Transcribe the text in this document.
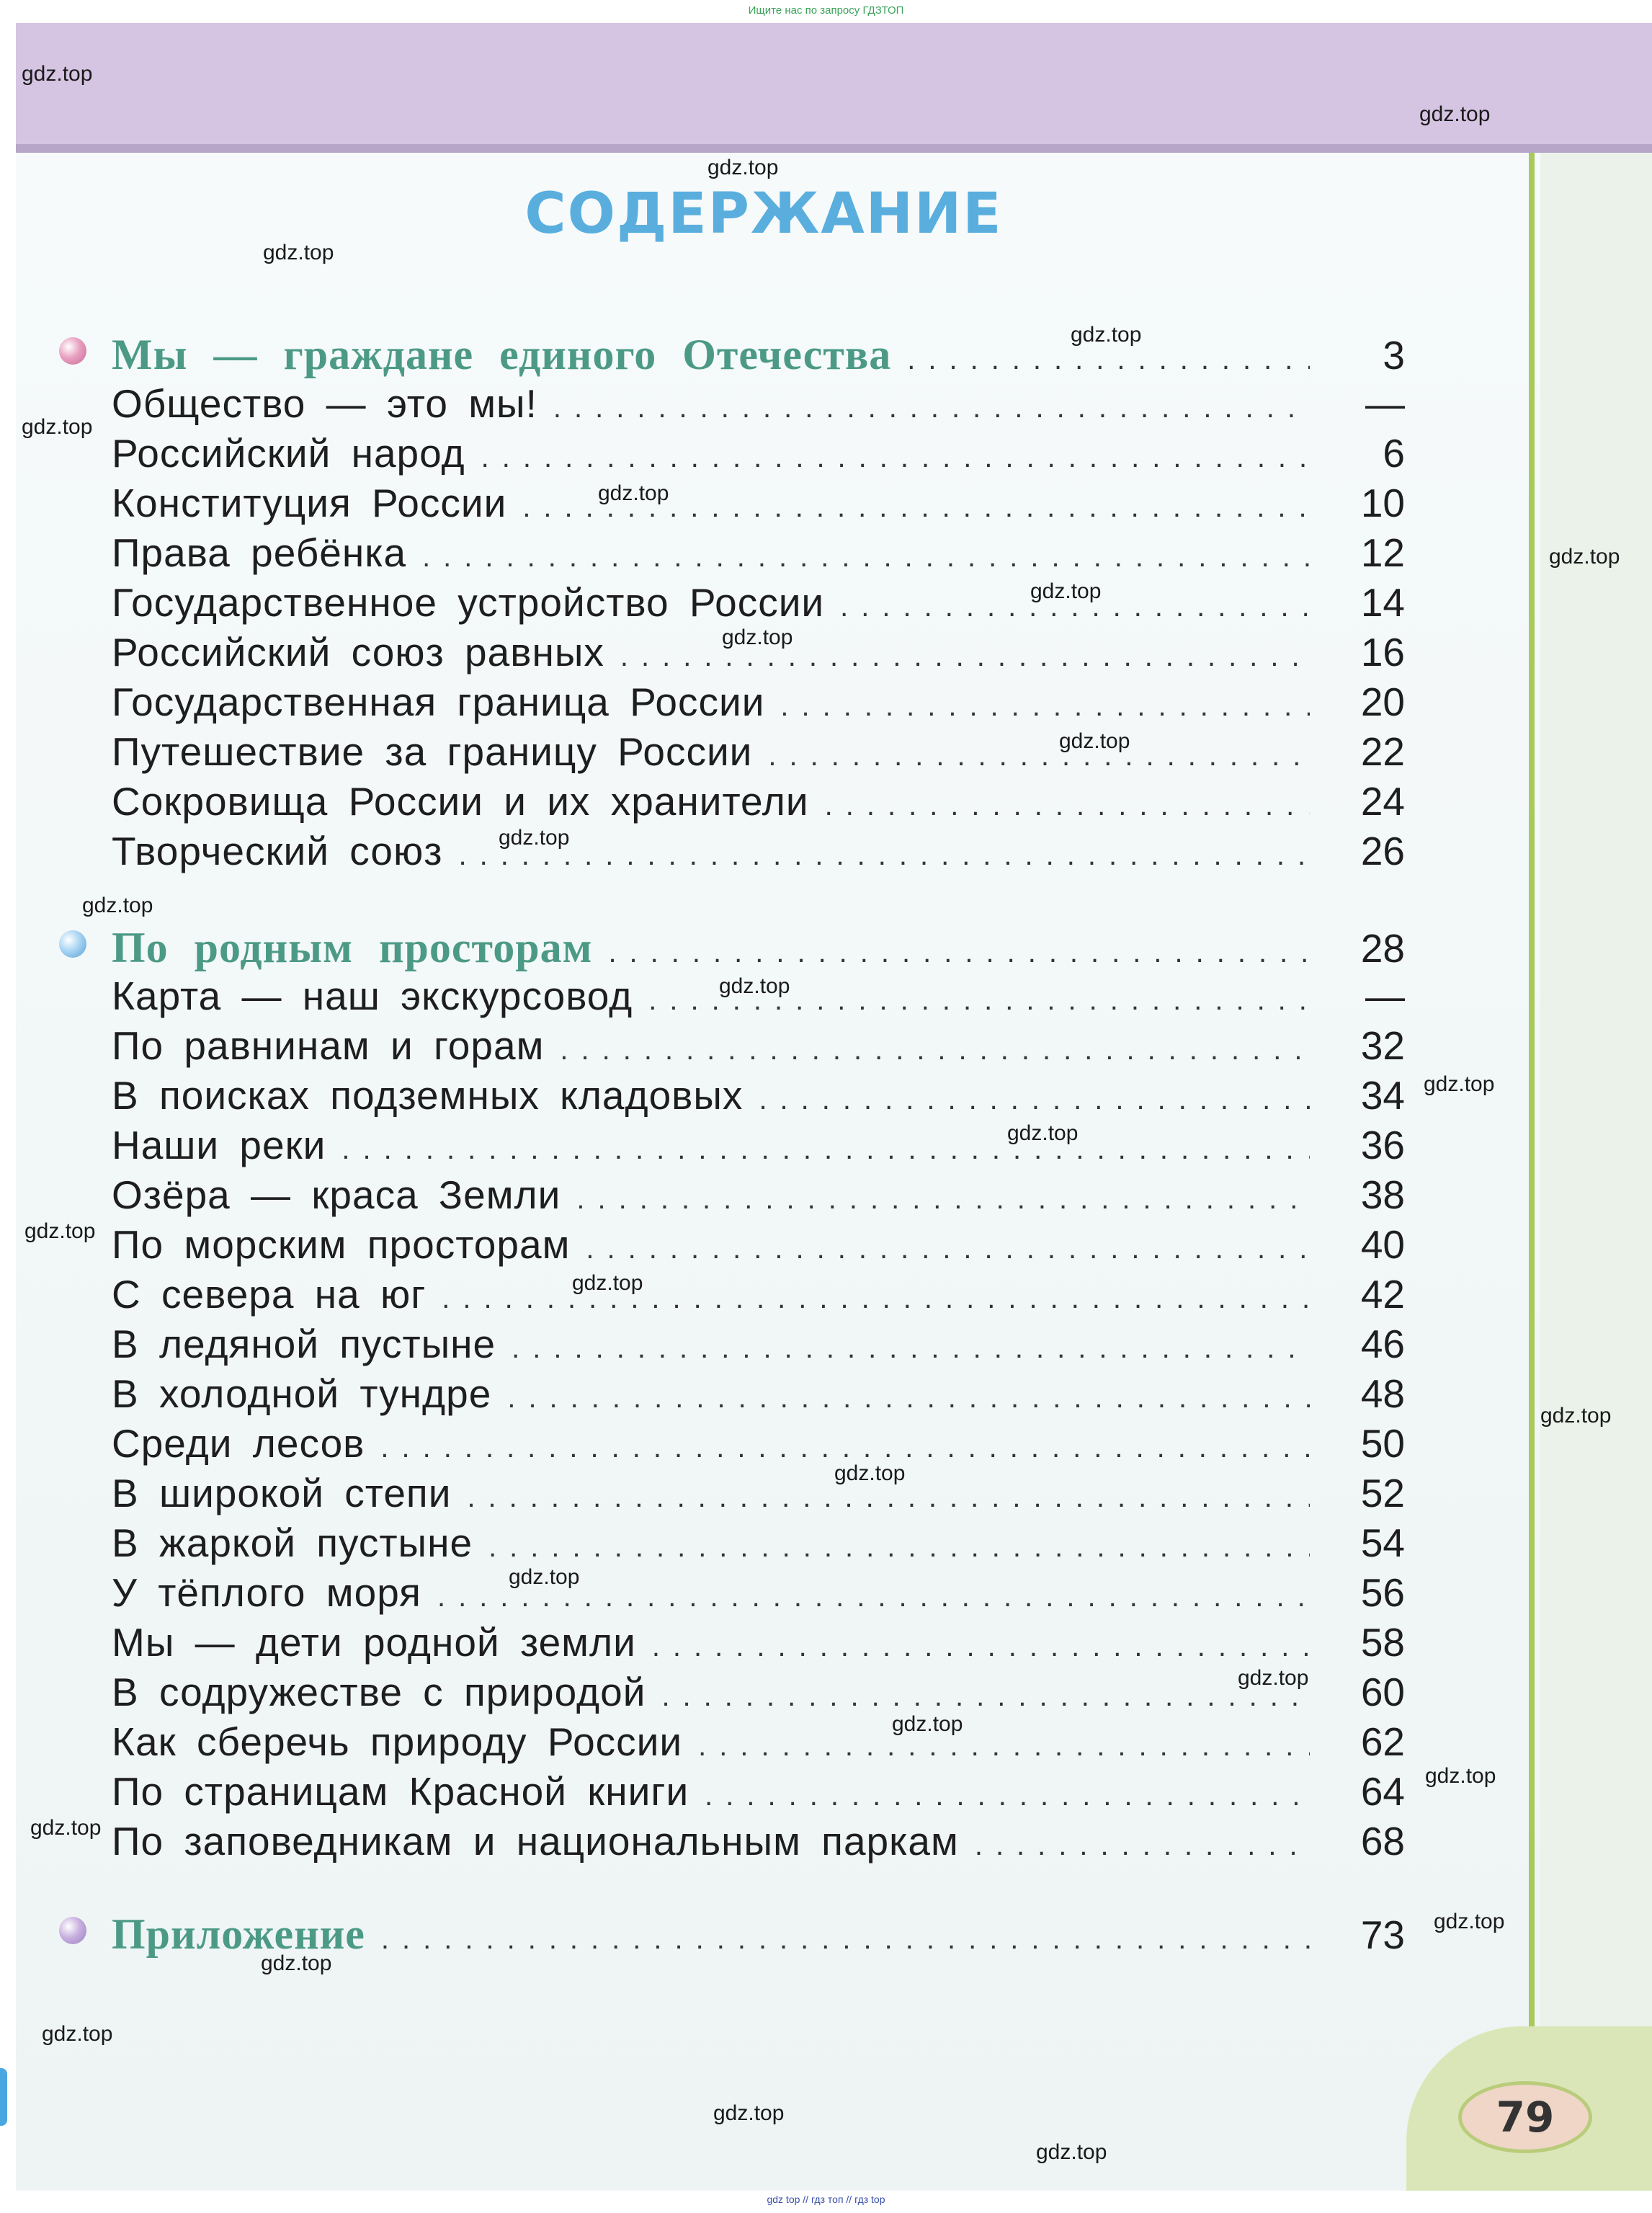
Ищите нас по запросу ГДЗТОП
79
СОДЕРЖАНИЕ
Мы — граждане единого Отечества .....	3
Общество — это мы! .....	—
Российский народ .....	6
Конституция России .....	10
Права ребёнка .....	12
Государственное устройство России .....	14
Российский союз равных .....	16
Государственная граница России .....	20
Путешествие за границу России .....	22
Сокровища России и их хранители .....	24
Творческий союз .....	26
По родным просторам .....	28
Карта — наш экскурсовод .....	—
По равнинам и горам .....	32
В поисках подземных кладовых .....	34
Наши реки .....	36
Озёра — краса Земли .....	38
По морским просторам .....	40
С севера на юг .....	42
В ледяной пустыне .....	46
В холодной тундре .....	48
Среди лесов .....	50
В широкой степи .....	52
В жаркой пустыне .....	54
У тёплого моря .....	56
Мы — дети родной земли .....	58
В содружестве с природой .....	60
Как сберечь природу России .....	62
По страницам Красной книги .....	64
По заповедникам и национальным паркам .....	68
Приложение .....	73
gdz.top
gdz.top
gdz.top
gdz.top
gdz.top
gdz.top
gdz.top
gdz.top
gdz.top
gdz.top
gdz.top
gdz.top
gdz.top
gdz.top
gdz.top
gdz.top
gdz.top
gdz.top
gdz.top
gdz.top
gdz.top
gdz.top
gdz.top
gdz.top
gdz.top
gdz.top
gdz.top
gdz.top
gdz.top
gdz.top
gdz top // гдз топ // гдз top
